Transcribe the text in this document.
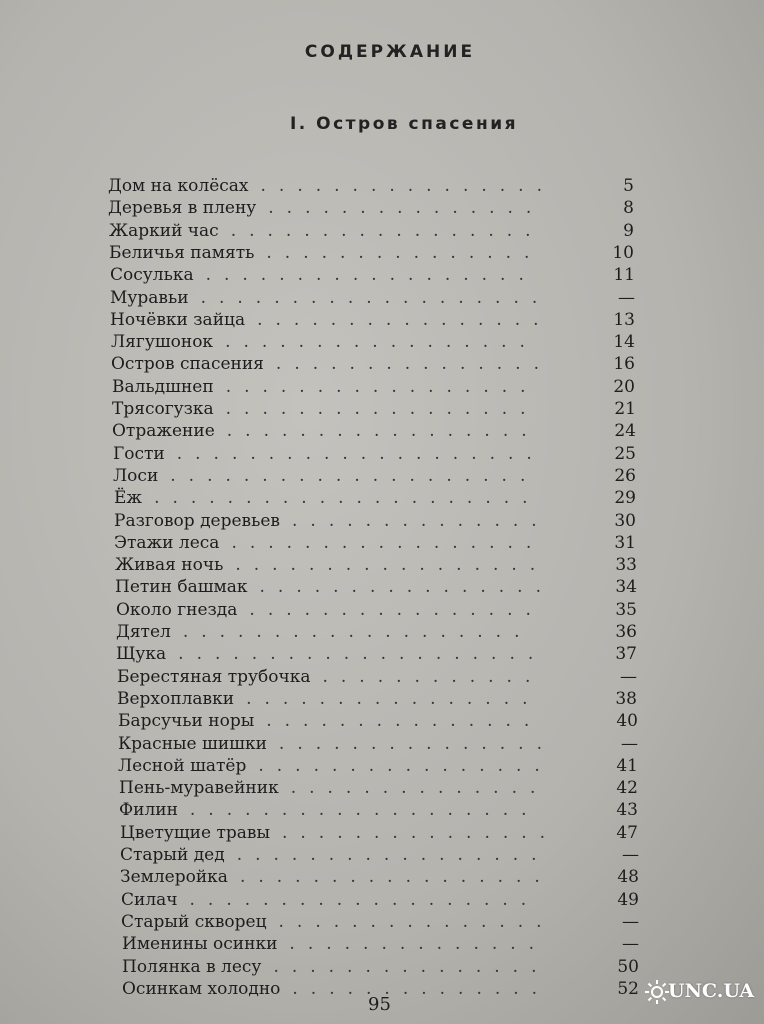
СОДЕРЖАНИЕ
I. Остров спасения
Дом на колёсах ................	5
Деревья в плену ...............	8
Жаркий час .................	9
Беличья память ...............	10
Сосулька ..................	11
Муравьи ...................	—
Ночёвки зайца ................	13
Лягушонок .................	14
Остров спасения ...............	16
Вальдшнеп .................	20
Трясогузка .................	21
Отражение .................	24
Гости ....................	25
Лоси ....................	26
Ёж .....................	29
Разговор деревьев ..............	30
Этажи леса .................	31
Живая ночь .................	33
Петин башмак ................	34
Около гнезда ................	35
Дятел ...................	36
Щука ....................	37
Берестяная трубочка ............	—
Верхоплавки ................	38
Барсучьи норы ...............	40
Красные шишки ...............	—
Лесной шатёр ................	41
Пень-муравейник ..............	42
Филин ...................	43
Цветущие травы ...............	47
Старый дед .................	—
Землеройка .................	48
Силач ...................	49
Старый скворец ...............	—
Именины осинки ..............	—
Полянка в лесу ...............	50
Осинкам холодно ..............	52
95
UNC.UA
